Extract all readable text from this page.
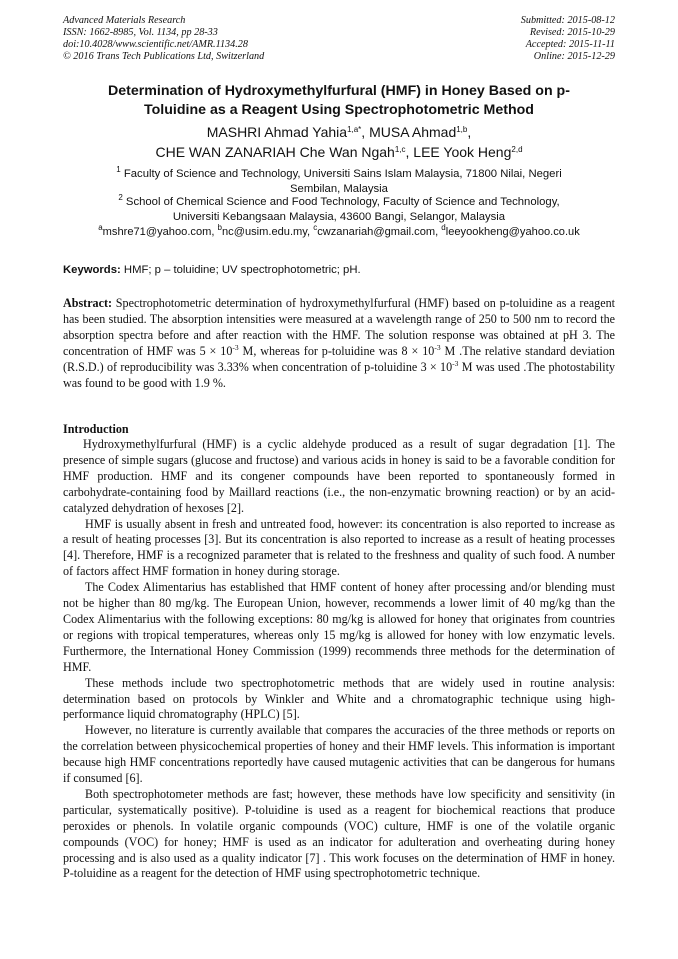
Advanced Materials Research
ISSN: 1662-8985, Vol. 1134, pp 28-33
doi:10.4028/www.scientific.net/AMR.1134.28
© 2016 Trans Tech Publications Ltd, Switzerland
Submitted: 2015-08-12
Revised: 2015-10-29
Accepted: 2015-11-11
Online: 2015-12-29
Determination of Hydroxymethylfurfural (HMF) in Honey Based on p-
Toluidine as a Reagent Using Spectrophotometric Method
MASHRI Ahmad Yahia$^{1,a*}$, MUSA Ahmad$^{1,b}$,
CHE WAN ZANARIAH Che Wan Ngah$^{1,c}$, LEE Yook Heng$^{2,d}$
$^1$ Faculty of Science and Technology, Universiti Sains Islam Malaysia, 71800 Nilai, Negeri
Sembilan, Malaysia
$^2$ School of Chemical Science and Food Technology, Faculty of Science and Technology,
Universiti Kebangsaan Malaysia, 43600 Bangi, Selangor, Malaysia
$^a$mshre71@yahoo.com, $^b$nc@usim.edu.my, $^c$cwzanariah@gmail.com, $^d$leeyookheng@yahoo.co.uk
Keywords: HMF; p – toluidine; UV spectrophotometric; pH.
Abstract: Spectrophotometric determination of hydroxymethylfurfural (HMF) based on p-toluidine as a reagent has been studied. The absorption intensities were measured at a wavelength range of 250 to 500 nm to record the absorption spectra before and after reaction with the HMF. The solution response was obtained at pH 3. The concentration of HMF was $5 \times 10^{-3}$ M, whereas for p-toluidine was $8 \times 10^{-3}$ M .The relative standard deviation (R.S.D.) of reproducibility was 3.33% when concentration of p-toluidine $3 \times 10^{-3}$ M was used .The photostability was found to be good with 1.9 %.
Introduction

Hydroxymethylfurfural (HMF) is a cyclic aldehyde produced as a result of sugar degradation [1]. The presence of simple sugars (glucose and fructose) and various acids in honey is said to be a favorable condition for HMF production. HMF and its congener compounds have been reported to spontaneously formed in carbohydrate-containing food by Maillard reactions (i.e., the non-enzymatic browning reaction) or by an acid-catalyzed dehydration of hexoses [2].

HMF is usually absent in fresh and untreated food, however: its concentration is also reported to increase as a result of heating processes [3]. But its concentration is also reported to increase as a result of heating processes [4]. Therefore, HMF is a recognized parameter that is related to the freshness and quality of such food. A number of factors affect HMF formation in honey during storage.

The Codex Alimentarius has established that HMF content of honey after processing and/or blending must not be higher than 80 mg/kg. The European Union, however, recommends a lower limit of 40 mg/kg than the Codex Alimentarius with the following exceptions: 80 mg/kg is allowed for honey that originates from countries or regions with tropical temperatures, whereas only 15 mg/kg is allowed for honey with low enzymatic levels. Furthermore, the International Honey Commission (1999) recommends three methods for the determination of HMF.

These methods include two spectrophotometric methods that are widely used in routine analysis: determination based on protocols by Winkler and White and a chromatographic technique using high-performance liquid chromatography (HPLC) [5].

However, no literature is currently available that compares the accuracies of the three methods or reports on the correlation between physicochemical properties of honey and their HMF levels. This information is important because high HMF concentrations reportedly have caused mutagenic activities that can be dangerous for humans if consumed [6].

Both spectrophotometer methods are fast; however, these methods have low specificity and sensitivity (in particular, systematically positive). P-toluidine is used as a reagent for biochemical reactions that produce peroxides or phenols. In volatile organic compounds (VOC) culture, HMF is one of the volatile organic compounds (VOC) for honey; HMF is used as an indicator for adulteration and overheating during honey processing and is also used as a quality indicator [7] . This work focuses on the determination of HMF in honey. P-toluidine as a reagent for the detection of HMF using spectrophotometric technique.
